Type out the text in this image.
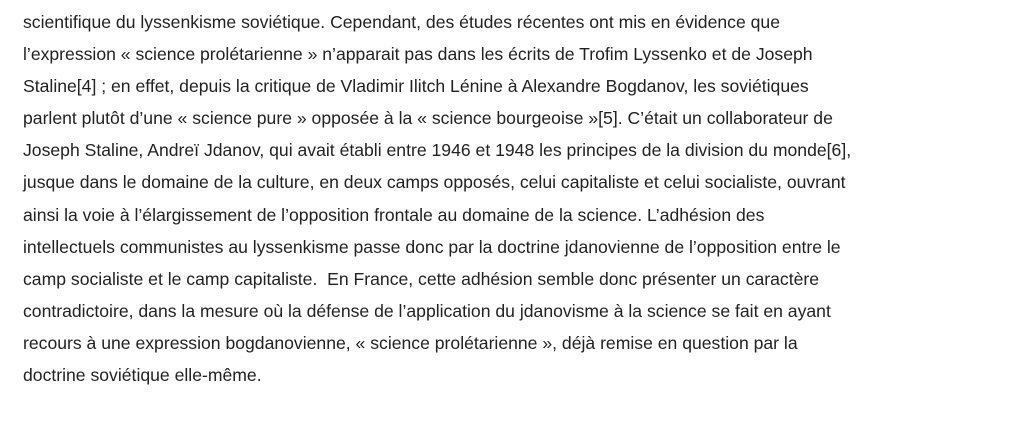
scientifique du lyssenkisme soviétique. Cependant, des études récentes ont mis en évidence que
l’expression « science prolétarienne » n’apparait pas dans les écrits de Trofim Lyssenko et de Joseph
Staline[4] ; en effet, depuis la critique de Vladimir Ilitch Lénine à Alexandre Bogdanov, les soviétiques
parlent plutôt d’une « science pure » opposée à la « science bourgeoise »[5]. C’était un collaborateur de
Joseph Staline, Andreï Jdanov, qui avait établi entre 1946 et 1948 les principes de la division du monde[6],
jusque dans le domaine de la culture, en deux camps opposés, celui capitaliste et celui socialiste, ouvrant
ainsi la voie à l’élargissement de l’opposition frontale au domaine de la science. L’adhésion des
intellectuels communistes au lyssenkisme passe donc par la doctrine jdanovienne de l’opposition entre le
camp socialiste et le camp capitaliste.  En France, cette adhésion semble donc présenter un caractère
contradictoire, dans la mesure où la défense de l’application du jdanovisme à la science se fait en ayant
recours à une expression bogdanovienne, « science prolétarienne », déjà remise en question par la
doctrine soviétique elle-même.
